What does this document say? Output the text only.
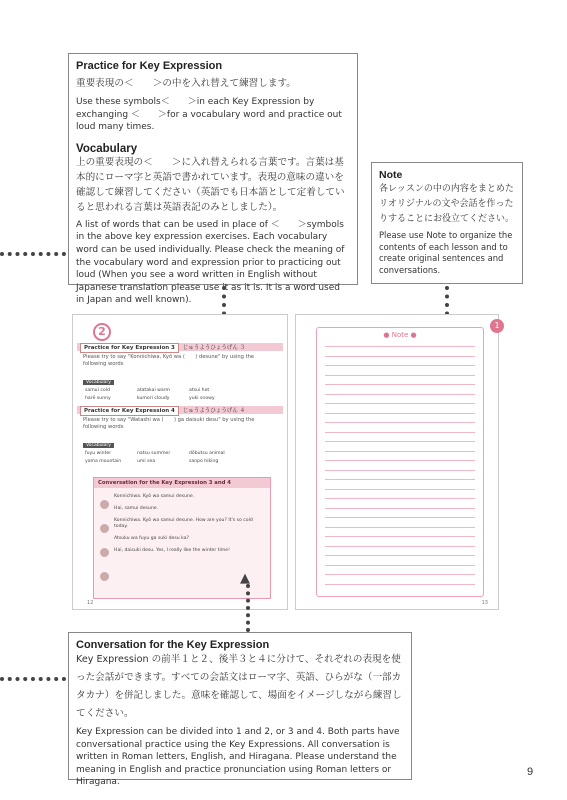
Practice for Key Expression
重要表現の＜　　＞の中を入れ替えて練習します。
Use these symbols＜　　＞in each Key Expression by exchanging ＜　　＞for a vocabulary word and practice out loud many times.
Vocabulary
上の重要表現の＜　　＞に入れ替えられる言葉です。言葉は基本的にローマ字と英語で書かれています。表現の意味の違いを確認して練習してください（英語でも日本語として定着していると思われる言葉は英語表記のみとしました）。
A list of words that can be used in place of ＜　　＞symbols in the above key expression exercises. Each vocabulary word can be used individually. Please check the meaning of the vocabulary word and expression prior to practicing out loud (When you see a word written in English without Japanese translation please use it as it is. It is a word used in Japan and well known).
Note
各レッスンの中の内容をまとめたリオリジナルの文や会話を作ったりすることにお役立てください。
Please use Note to organize the contents of each lesson and to create original sentences and conversations.
2
Practice for Key Expression 3 じゅうようひょうげん ３
Please try to say "Konnichiwa, Kyō wa (　　) desune" by using the following words
Vocabulary
samui cold	atatakai warm	atsui hot
harē sunny	kumori cloudy	yuki snowy
Practice for Key Expression 4 じゅうようひょうげん ４
Please try to say "Watashi wa (　　) ga daisuki desu" by using the following words
Vocabulary
fuyu winter	natsu summer	dōbutsu animal
yama mountain	umi sea	sanpo hiking
Conversation for the Key Expression 3 and 4
Konnichiwa. Kyō wa samui desune.
Hai, samui desune.
Konnichiwa. Kyō wa samui desune. How are you? It's so cold today.
Atsuku wa fuyu ga suki desu ka?
Hai, daisuki desu. Yes, I really like the winter time!
12
● Note ●
1
13
▲
Conversation for the Key Expression
Key Expression の前半１と２、後半３と４に分けて、それぞれの表現を使った会話ができます。すべての会話文はローマ字、英語、ひらがな（一部カタカナ）を併記しました。意味を確認して、場面をイメージしながら練習してください。
Key Expression can be divided into 1 and 2, or 3 and 4. Both parts have conversational practice using the Key Expressions. All conversation is written in Roman letters, English, and Hiragana. Please understand the meaning in English and practice pronunciation using Roman letters or Hiragana.
9
